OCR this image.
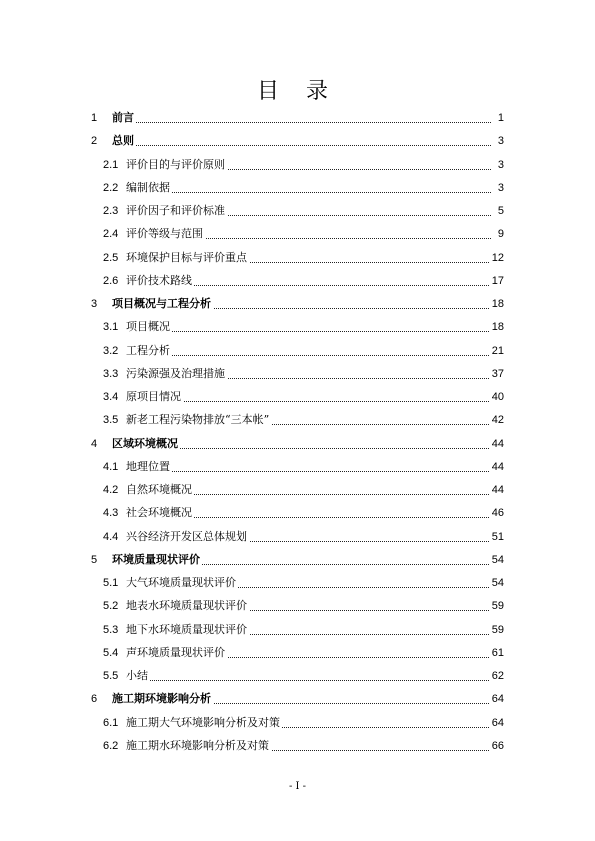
目 录
1 前言	1
2 总则	3
2.1 评价目的与评价原则	3
2.2 编制依据	3
2.3 评价因子和评价标准	5
2.4 评价等级与范围	9
2.5 环境保护目标与评价重点	12
2.6 评价技术路线	17
3 项目概况与工程分析	18
3.1 项目概况	18
3.2 工程分析	21
3.3 污染源强及治理措施	37
3.4 原项目情况	40
3.5 新老工程污染物排放“三本帐”	42
4 区域环境概况	44
4.1 地理位置	44
4.2 自然环境概况	44
4.3 社会环境概况	46
4.4 兴谷经济开发区总体规划	51
5 环境质量现状评价	54
5.1 大气环境质量现状评价	54
5.2 地表水环境质量现状评价	59
5.3 地下水环境质量现状评价	59
5.4 声环境质量现状评价	61
5.5 小结	62
6 施工期环境影响分析	64
6.1 施工期大气环境影响分析及对策	64
6.2 施工期水环境影响分析及对策	66
- I -
